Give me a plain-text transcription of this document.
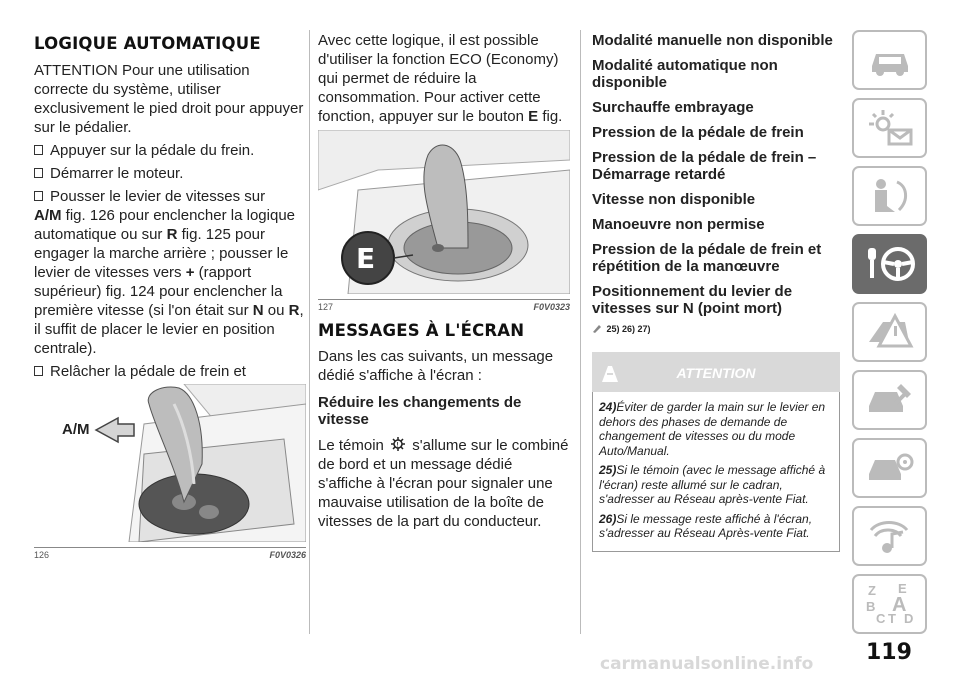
LOGIQUE AUTOMATIQUE

ATTENTION Pour une utilisation correcte du système, utiliser exclusivement le pied droit pour appuyer sur le pédalier.

Appuyer sur la pédale du frein.
Démarrer le moteur.
Pousser le levier de vitesses sur

A/M fig. 126 pour enclencher la logique automatique ou sur R fig. 125 pour engager la marche arrière ; pousser le levier de vitesses vers + (rapport supérieur) fig. 124 pour enclencher la première vitesse (si l'on était sur N ou R, il suffit de placer le levier en position centrale).

Relâcher la pédale de frein et
A/M
126	F0V0326

Avec cette logique, il est possible d'utiliser la fonction ECO (Economy) qui permet de réduire la consommation. Pour activer cette fonction, appuyer sur le bouton E fig.

E
127	F0V0323
MESSAGES À L'ÉCRAN

Dans les cas suivants, un message dédié s'affiche à l'écran :

Réduire les changements de vitesse

Le témoin ! s'allume sur le combiné de bord et un message dédié s'affiche à l'écran pour signaler une mauvaise utilisation de la boîte de vitesses de la part du conducteur.

Modalité manuelle non disponible

Modalité automatique non disponible

Surchauffe embrayage

Pression de la pédale de frein

Pression de la pédale de frein – Démarrage retardé

Vitesse non disponible

Manoeuvre non permise

Pression de la pédale de frein et répétition de la manœuvre

Positionnement du levier de vitesses sur N (point mort)

25) 26) 27)
ATTENTION

24)Éviter de garder la main sur le levier en dehors des phases de demande de changement de vitesses ou du mode Auto/Manual.

25)Si le témoin (avec le message affiché à l'écran) reste allumé sur le cadran, s'adresser au Réseau après-vente Fiat.

26)Si le message reste affiché à l'écran, s'adresser au Réseau Après-vente Fiat.

Z E B A C T D
119
carmanualsonline.info
